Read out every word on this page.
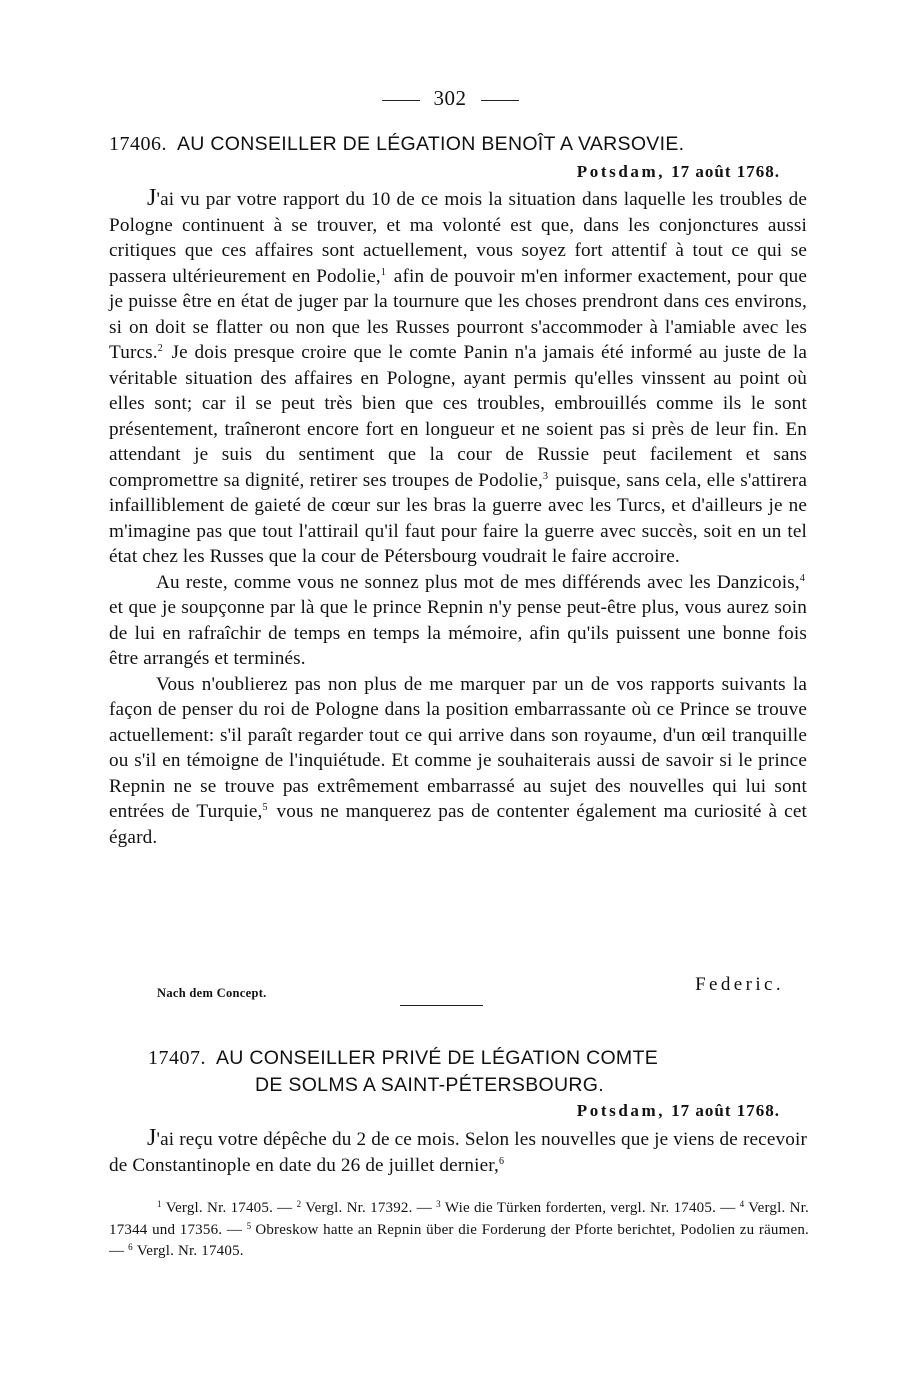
302
17406. AU CONSEILLER DE LÉGATION BENOÎT A VARSOVIE.
Potsdam, 17 août 1768.

J'ai vu par votre rapport du 10 de ce mois la situation dans laquelle les troubles de Pologne continuent à se trouver, et ma volonté est que, dans les conjonctures aussi critiques que ces affaires sont actuellement, vous soyez fort attentif à tout ce qui se passera ultérieurement en Podolie,$^1$ afin de pouvoir m'en informer exactement, pour que je puisse être en état de juger par la tournure que les choses prendront dans ces environs, si on doit se flatter ou non que les Russes pourront s'accommoder à l'amiable avec les Turcs.$^2$ Je dois presque croire que le comte Panin n'a jamais été informé au juste de la véritable situation des affaires en Pologne, ayant permis qu'elles vinssent au point où elles sont; car il se peut très bien que ces troubles, embrouillés comme ils le sont présentement, traîneront encore fort en longueur et ne soient pas si près de leur fin. En attendant je suis du sentiment que la cour de Russie peut facilement et sans compromettre sa dignité, retirer ses troupes de Podolie,$^3$ puisque, sans cela, elle s'attirera infailliblement de gaieté de cœur sur les bras la guerre avec les Turcs, et d'ailleurs je ne m'imagine pas que tout l'attirail qu'il faut pour faire la guerre avec succès, soit en un tel état chez les Russes que la cour de Pétersbourg voudrait le faire accroire.

Au reste, comme vous ne sonnez plus mot de mes différends avec les Danzicois,$^4$ et que je soupçonne par là que le prince Repnin n'y pense peut-être plus, vous aurez soin de lui en rafraîchir de temps en temps la mémoire, afin qu'ils puissent une bonne fois être arrangés et terminés.

Vous n'oublierez pas non plus de me marquer par un de vos rapports suivants la façon de penser du roi de Pologne dans la position embarrassante où ce Prince se trouve actuellement: s'il paraît regarder tout ce qui arrive dans son royaume, d'un œil tranquille ou s'il en témoigne de l'inquiétude. Et comme je souhaiterais aussi de savoir si le prince Repnin ne se trouve pas extrêmement embarrassé au sujet des nouvelles qui lui sont entrées de Turquie,$^5$ vous ne manquerez pas de contenter également ma curiosité à cet égard.

Nach dem Concept.	Federic.
17407. AU CONSEILLER PRIVÉ DE LÉGATION COMTE
DE SOLMS A SAINT-PÉTERSBOURG.
Potsdam, 17 août 1768.

J'ai reçu votre dépêche du 2 de ce mois. Selon les nouvelles que je viens de recevoir de Constantinople en date du 26 de juillet dernier,$^6$

$^1$ Vergl. Nr. 17405. — $^2$ Vergl. Nr. 17392. — $^3$ Wie die Türken forderten, vergl. Nr. 17405. — $^4$ Vergl. Nr. 17344 und 17356. — $^5$ Obreskow hatte an Repnin über die Forderung der Pforte berichtet, Podolien zu räumen. — $^6$ Vergl. Nr. 17405.
